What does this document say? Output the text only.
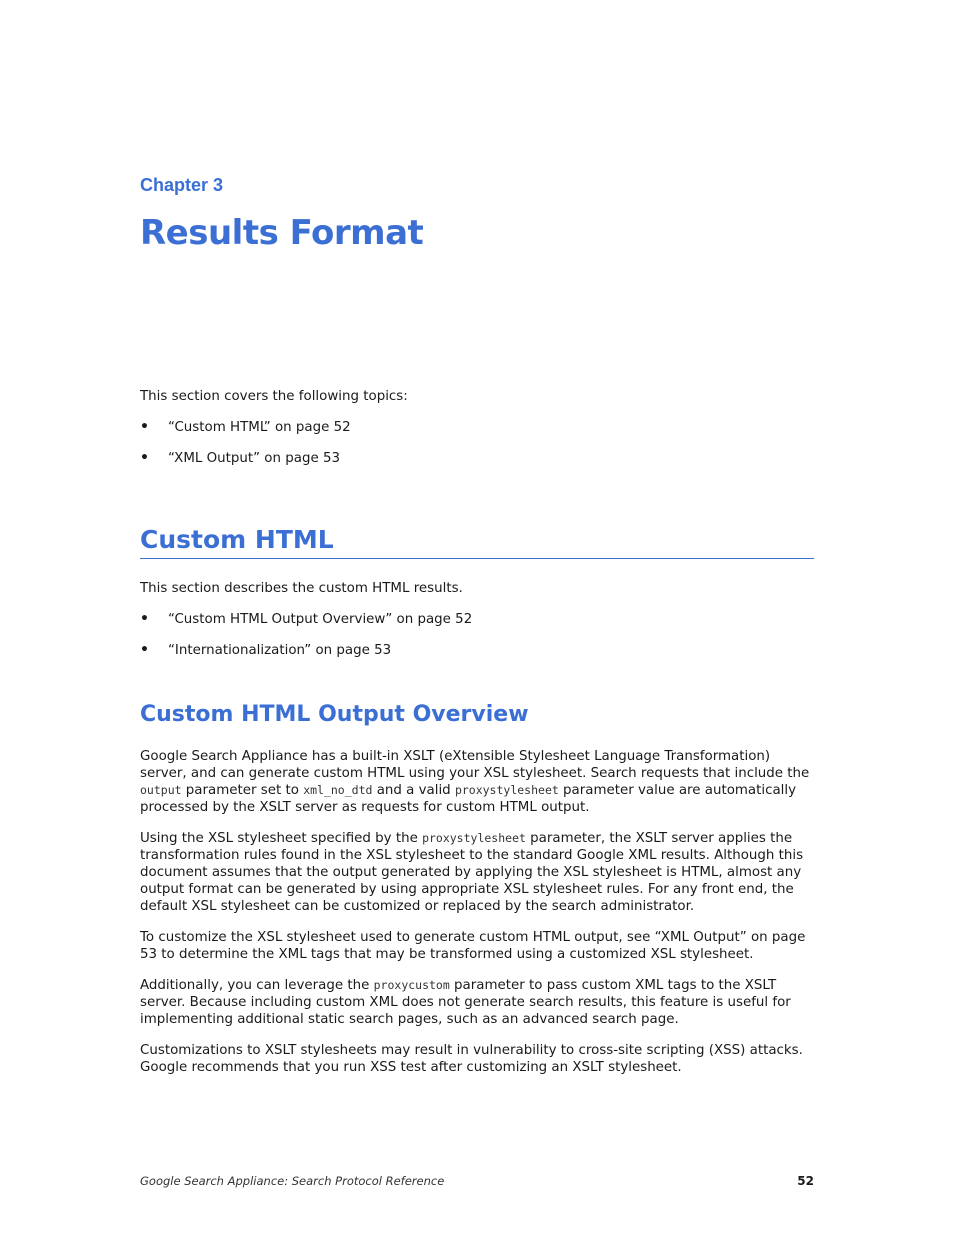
Chapter 3
Results Format

This section covers the following topics:

• “Custom HTML” on page 52
• “XML Output” on page 53
Custom HTML

This section describes the custom HTML results.

• “Custom HTML Output Overview” on page 52
• “Internationalization” on page 53
Custom HTML Output Overview

Google Search Appliance has a built-in XSLT (eXtensible Stylesheet Language Transformation) server, and can generate custom HTML using your XSL stylesheet. Search requests that include the output parameter set to xml_no_dtd and a valid proxystylesheet parameter value are automatically processed by the XSLT server as requests for custom HTML output.

Using the XSL stylesheet specified by the proxystylesheet parameter, the XSLT server applies the transformation rules found in the XSL stylesheet to the standard Google XML results. Although this document assumes that the output generated by applying the XSL stylesheet is HTML, almost any output format can be generated by using appropriate XSL stylesheet rules. For any front end, the default XSL stylesheet can be customized or replaced by the search administrator.

To customize the XSL stylesheet used to generate custom HTML output, see “XML Output” on page 53 to determine the XML tags that may be transformed using a customized XSL stylesheet.

Additionally, you can leverage the proxycustom parameter to pass custom XML tags to the XSLT server. Because including custom XML does not generate search results, this feature is useful for implementing additional static search pages, such as an advanced search page.

Customizations to XSLT stylesheets may result in vulnerability to cross-site scripting (XSS) attacks. Google recommends that you run XSS test after customizing an XSLT stylesheet.

Google Search Appliance: Search Protocol Reference	52
